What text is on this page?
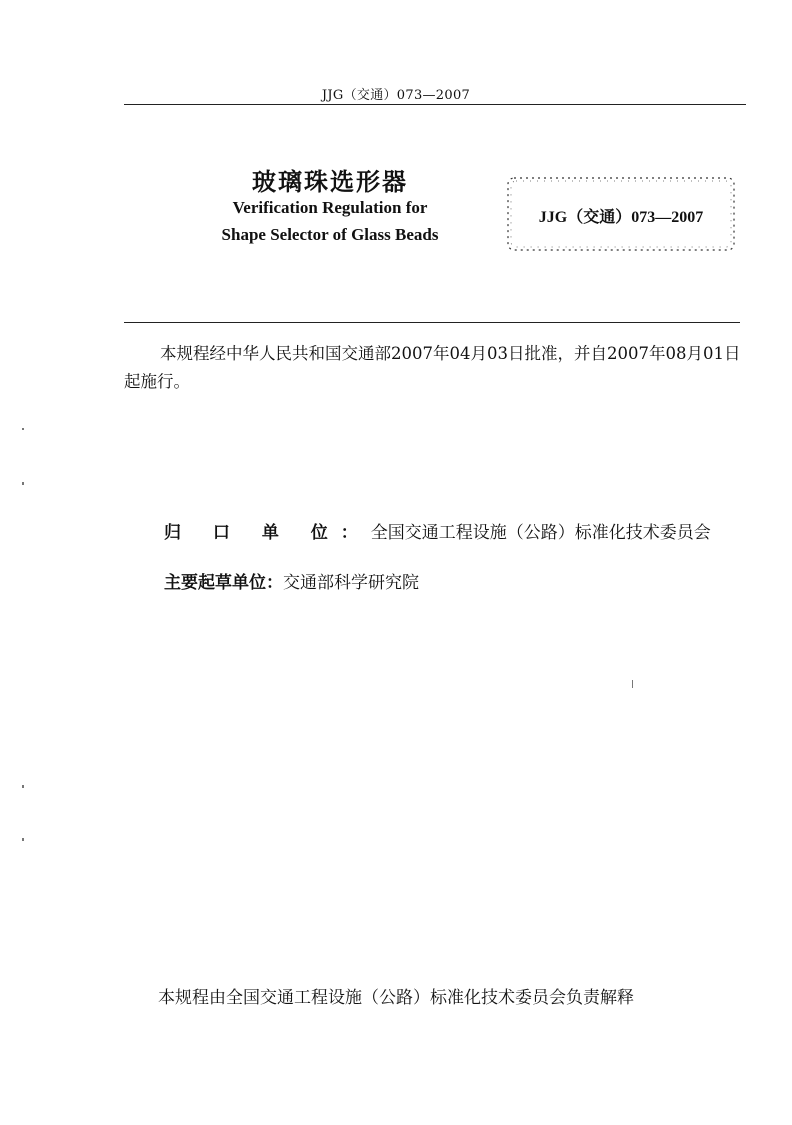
JJG（交通）073—2007
玻璃珠选形器
Verification Regulation for
Shape Selector of Glass Beads
JJG（交通）073—2007
本规程经中华人民共和国交通部2007年04月03日批准，并自2007年08月01日起施行。
归 口 单 位：全国交通工程设施（公路）标准化技术委员会
主要起草单位：交通部科学研究院
本规程由全国交通工程设施（公路）标准化技术委员会负责解释
